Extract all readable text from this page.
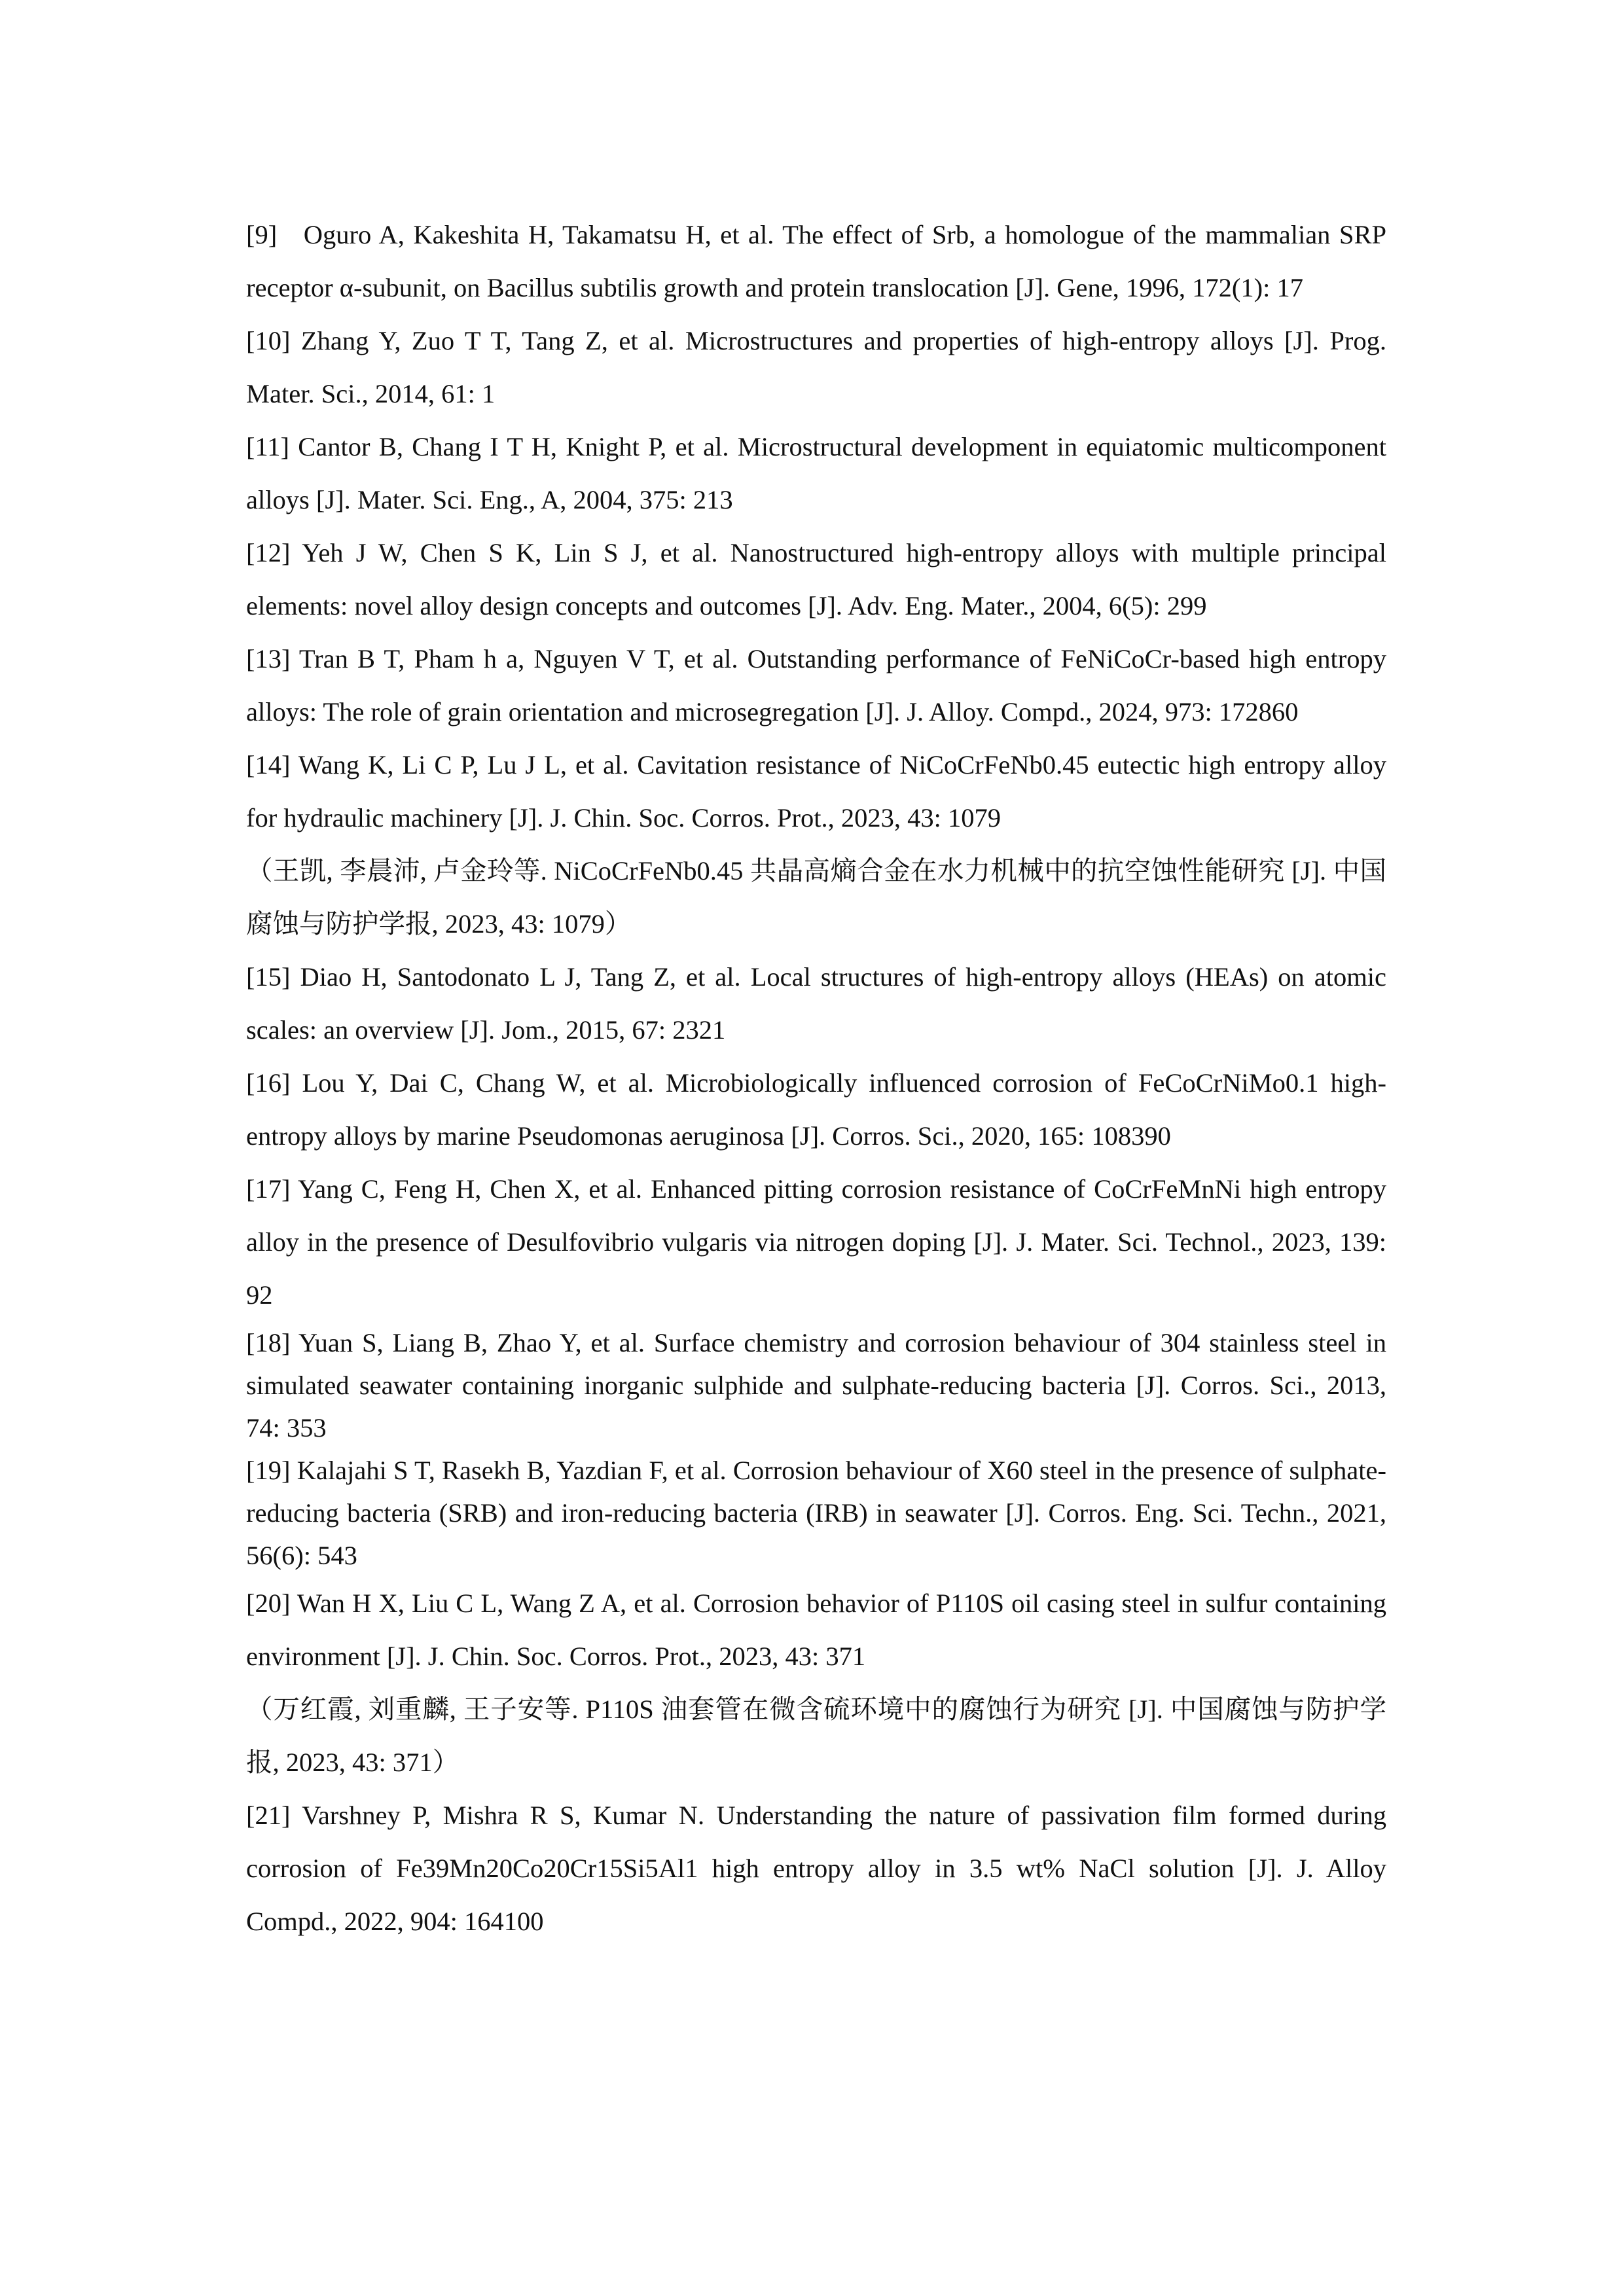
[9]   Oguro A, Kakeshita H, Takamatsu H, et al. The effect of Srb, a homologue of the mammalian SRP receptor α-subunit, on Bacillus subtilis growth and protein translocation [J]. Gene, 1996, 172(1): 17

[10] Zhang Y, Zuo T T, Tang Z, et al. Microstructures and properties of high-entropy alloys [J]. Prog. Mater. Sci., 2014, 61: 1

[11] Cantor B, Chang I T H, Knight P, et al. Microstructural development in equiatomic multicomponent alloys [J]. Mater. Sci. Eng., A, 2004, 375: 213

[12] Yeh J W, Chen S K, Lin S J, et al. Nanostructured high-entropy alloys with multiple principal elements: novel alloy design concepts and outcomes [J]. Adv. Eng. Mater., 2004, 6(5): 299

[13] Tran B T, Pham h a, Nguyen V T, et al. Outstanding performance of FeNiCoCr-based high entropy alloys: The role of grain orientation and microsegregation [J]. J. Alloy. Compd., 2024, 973: 172860

[14] Wang K, Li C P, Lu J L, et al. Cavitation resistance of NiCoCrFeNb0.45 eutectic high entropy alloy for hydraulic machinery [J]. J. Chin. Soc. Corros. Prot., 2023, 43: 1079

（王凯, 李晨沛, 卢金玲等. NiCoCrFeNb0.45 共晶高熵合金在水力机械中的抗空蚀性能研究 [J]. 中国腐蚀与防护学报, 2023, 43: 1079）

[15] Diao H, Santodonato L J, Tang Z, et al. Local structures of high-entropy alloys (HEAs) on atomic scales: an overview [J]. Jom., 2015, 67: 2321

[16] Lou Y, Dai C, Chang W, et al. Microbiologically influenced corrosion of FeCoCrNiMo0.1 high-entropy alloys by marine Pseudomonas aeruginosa [J]. Corros. Sci., 2020, 165: 108390

[17] Yang C, Feng H, Chen X, et al. Enhanced pitting corrosion resistance of CoCrFeMnNi high entropy alloy in the presence of Desulfovibrio vulgaris via nitrogen doping [J]. J. Mater. Sci. Technol., 2023, 139: 92

[18] Yuan S, Liang B, Zhao Y, et al. Surface chemistry and corrosion behaviour of 304 stainless steel in simulated seawater containing inorganic sulphide and sulphate-reducing bacteria [J]. Corros. Sci., 2013, 74: 353

[19] Kalajahi S T, Rasekh B, Yazdian F, et al. Corrosion behaviour of X60 steel in the presence of sulphate-reducing bacteria (SRB) and iron-reducing bacteria (IRB) in seawater [J]. Corros. Eng. Sci. Techn., 2021, 56(6): 543

[20] Wan H X, Liu C L, Wang Z A, et al. Corrosion behavior of P110S oil casing steel in sulfur containing environment [J]. J. Chin. Soc. Corros. Prot., 2023, 43: 371

（万红霞, 刘重麟, 王子安等. P110S 油套管在微含硫环境中的腐蚀行为研究 [J]. 中国腐蚀与防护学报, 2023, 43: 371）

[21] Varshney P, Mishra R S, Kumar N. Understanding the nature of passivation film formed during corrosion of Fe39Mn20Co20Cr15Si5Al1 high entropy alloy in 3.5 wt% NaCl solution [J]. J. Alloy Compd., 2022, 904: 164100
